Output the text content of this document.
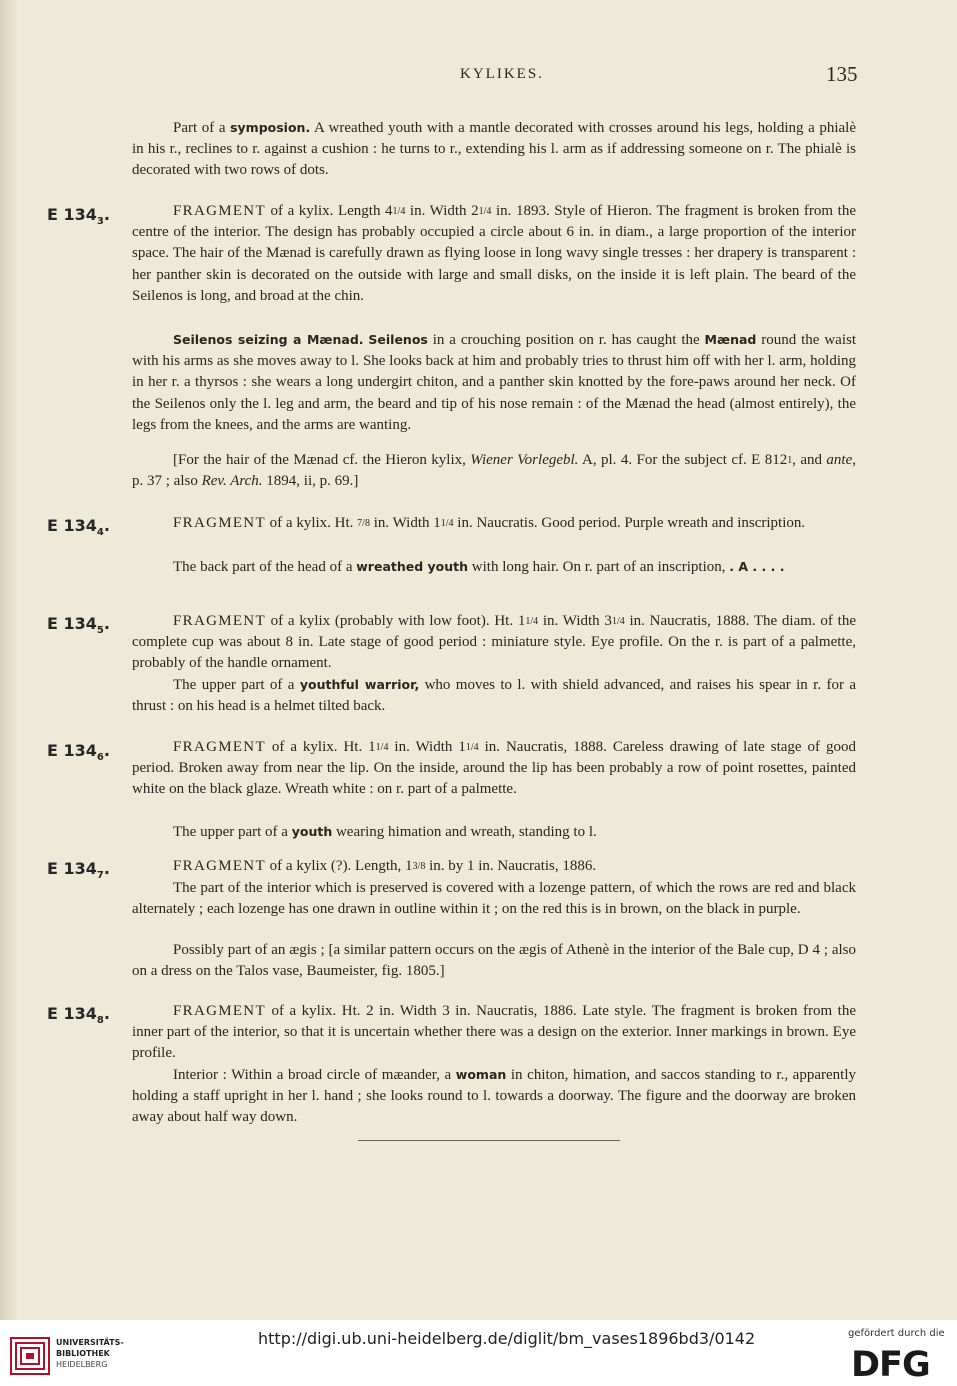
KYLIKES.	135

Part of a symposion. A wreathed youth with a mantle decorated with crosses around his legs, holding a phialè in his r., reclines to r. against a cushion : he turns to r., extending his l. arm as if addressing someone on r. The phialè is decorated with two rows of dots.

E $134_3$.	FRAGMENT of a kylix. Length 41/4 in. Width 21/4 in. 1893. Style of Hieron. The fragment is broken from the centre of the interior. The design has probably occupied a circle about 6 in. in diam., a large proportion of the interior space. The hair of the Mænad is carefully drawn as flying loose in long wavy single tresses : her drapery is transparent : her panther skin is decorated on the outside with large and small disks, on the inside it is left plain. The beard of the Seilenos is long, and broad at the chin.

Seilenos seizing a Mænad. Seilenos in a crouching position on r. has caught the Mænad round the waist with his arms as she moves away to l. She looks back at him and probably tries to thrust him off with her l. arm, holding in her r. a thyrsos : she wears a long undergirt chiton, and a panther skin knotted by the fore-paws around her neck. Of the Seilenos only the l. leg and arm, the beard and tip of his nose remain : of the Mænad the head (almost entirely), the legs from the knees, and the arms are wanting.

[For the hair of the Mænad cf. the Hieron kylix, Wiener Vorlegebl. A, pl. 4. For the subject cf. E $812_1$, and ante, p. 37 ; also Rev. Arch. 1894, ii, p. 69.]

E $134_4$.	FRAGMENT of a kylix. Ht. 7/8 in. Width 11/4 in. Naucratis. Good period. Purple wreath and inscription.

The back part of the head of a wreathed youth with long hair. On r. part of an inscription, . A . . . .

E $134_5$.	FRAGMENT of a kylix (probably with low foot). Ht. 11/4 in. Width 31/4 in. Naucratis, 1888. The diam. of the complete cup was about 8 in. Late stage of good period : miniature style. Eye profile. On the r. is part of a palmette, probably of the handle ornament.

The upper part of a youthful warrior, who moves to l. with shield advanced, and raises his spear in r. for a thrust : on his head is a helmet tilted back.

E $134_6$.	FRAGMENT of a kylix. Ht. 11/4 in. Width 11/4 in. Naucratis, 1888. Careless drawing of late stage of good period. Broken away from near the lip. On the inside, around the lip has been probably a row of point rosettes, painted white on the black glaze. Wreath white : on r. part of a palmette.

The upper part of a youth wearing himation and wreath, standing to l.

E $134_7$.	FRAGMENT of a kylix (?). Length, 13/8 in. by 1 in. Naucratis, 1886.

The part of the interior which is preserved is covered with a lozenge pattern, of which the rows are red and black alternately ; each lozenge has one drawn in outline within it ; on the red this is in brown, on the black in purple.

Possibly part of an ægis ; [a similar pattern occurs on the ægis of Athenè in the interior of the Bale cup, D 4 ; also on a dress on the Talos vase, Baumeister, fig. 1805.]

E $134_8$.	FRAGMENT of a kylix. Ht. 2 in. Width 3 in. Naucratis, 1886. Late style. The fragment is broken from the inner part of the interior, so that it is uncertain whether there was a design on the exterior. Inner markings in brown. Eye profile.

Interior : Within a broad circle of mæander, a woman in chiton, himation, and saccos standing to r., apparently holding a staff upright in her l. hand ; she looks round to l. towards a doorway. The figure and the doorway are broken away about half way down.

UNIVERSITÄTS-
BIBLIOTHEK
HEIDELBERG
http://digi.ub.uni-heidelberg.de/diglit/bm_vases1896bd3/0142	gefördert durch die
DFG
